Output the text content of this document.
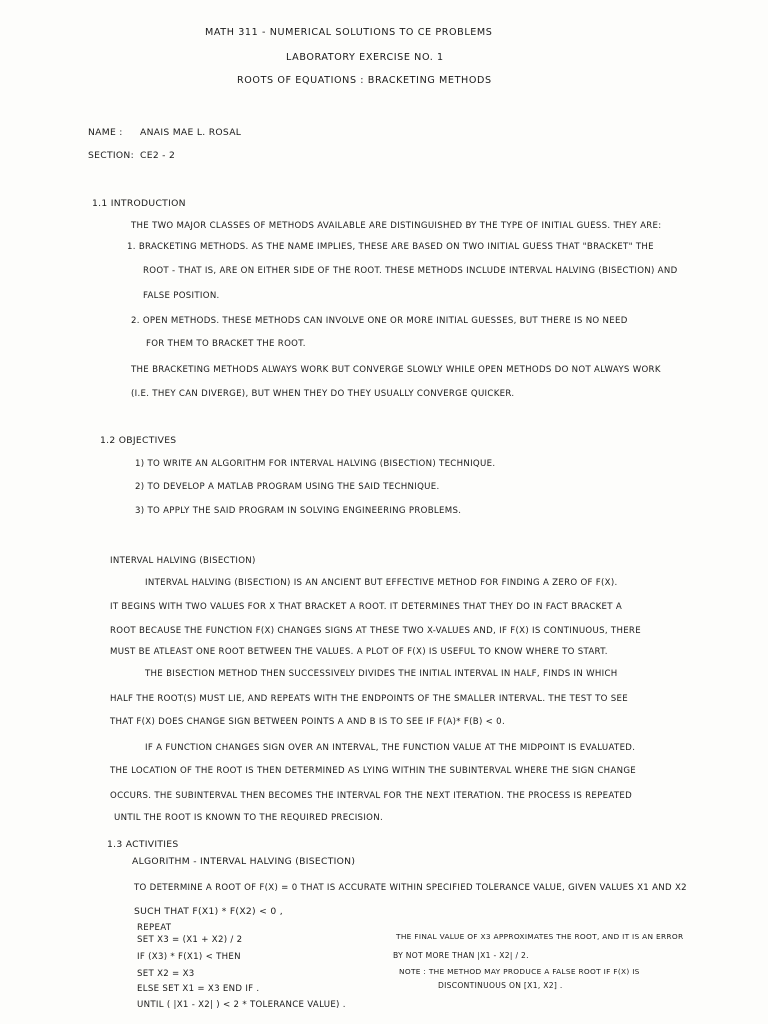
MATH 311 - NUMERICAL SOLUTIONS TO CE PROBLEMS
LABORATORY EXERCISE NO. 1
ROOTS OF EQUATIONS : BRACKETING METHODS
NAME : ANAIS MAE L. ROSAL
SECTION: CE2 - 2
1.1 INTRODUCTION
THE TWO MAJOR CLASSES OF METHODS AVAILABLE ARE DISTINGUISHED BY THE TYPE OF INITIAL GUESS. THEY ARE:
1. BRACKETING METHODS. AS THE NAME IMPLIES, THESE ARE BASED ON TWO INITIAL GUESS THAT "BRACKET" THE
ROOT - THAT IS, ARE ON EITHER SIDE OF THE ROOT. THESE METHODS INCLUDE INTERVAL HALVING (BISECTION) AND
FALSE POSITION.
2. OPEN METHODS. THESE METHODS CAN INVOLVE ONE OR MORE INITIAL GUESSES, BUT THERE IS NO NEED
FOR THEM TO BRACKET THE ROOT.
THE BRACKETING METHODS ALWAYS WORK BUT CONVERGE SLOWLY WHILE OPEN METHODS DO NOT ALWAYS WORK
(I.E. THEY CAN DIVERGE), BUT WHEN THEY DO THEY USUALLY CONVERGE QUICKER.
1.2 OBJECTIVES
1) TO WRITE AN ALGORITHM FOR INTERVAL HALVING (BISECTION) TECHNIQUE.
2) TO DEVELOP A MATLAB PROGRAM USING THE SAID TECHNIQUE.
3) TO APPLY THE SAID PROGRAM IN SOLVING ENGINEERING PROBLEMS.
INTERVAL HALVING (BISECTION)
INTERVAL HALVING (BISECTION) IS AN ANCIENT BUT EFFECTIVE METHOD FOR FINDING A ZERO OF F(X).
IT BEGINS WITH TWO VALUES FOR X THAT BRACKET A ROOT. IT DETERMINES THAT THEY DO IN FACT BRACKET A
ROOT BECAUSE THE FUNCTION F(X) CHANGES SIGNS AT THESE TWO X-VALUES AND, IF F(X) IS CONTINUOUS, THERE
MUST BE ATLEAST ONE ROOT BETWEEN THE VALUES. A PLOT OF F(X) IS USEFUL TO KNOW WHERE TO START.
THE BISECTION METHOD THEN SUCCESSIVELY DIVIDES THE INITIAL INTERVAL IN HALF, FINDS IN WHICH
HALF THE ROOT(S) MUST LIE, AND REPEATS WITH THE ENDPOINTS OF THE SMALLER INTERVAL. THE TEST TO SEE
THAT F(X) DOES CHANGE SIGN BETWEEN POINTS A AND B IS TO SEE IF F(A)* F(B) < 0.
IF A FUNCTION CHANGES SIGN OVER AN INTERVAL, THE FUNCTION VALUE AT THE MIDPOINT IS EVALUATED.
THE LOCATION OF THE ROOT IS THEN DETERMINED AS LYING WITHIN THE SUBINTERVAL WHERE THE SIGN CHANGE
OCCURS. THE SUBINTERVAL THEN BECOMES THE INTERVAL FOR THE NEXT ITERATION. THE PROCESS IS REPEATED
UNTIL THE ROOT IS KNOWN TO THE REQUIRED PRECISION.
1.3 ACTIVITIES
ALGORITHM - INTERVAL HALVING (BISECTION)
TO DETERMINE A ROOT OF F(X) = 0 THAT IS ACCURATE WITHIN SPECIFIED TOLERANCE VALUE, GIVEN VALUES X1 AND X2
SUCH THAT F(X1) * F(X2) < 0 ,
REPEAT
SET X3 = (X1 + X2) / 2
IF (X3) * F(X1) < THEN
SET X2 = X3
ELSE SET X1 = X3 END IF .
UNTIL ( |X1 - X2| ) < 2 * TOLERANCE VALUE) .
THE FINAL VALUE OF X3 APPROXIMATES THE ROOT, AND IT IS AN ERROR
BY NOT MORE THAN |X1 - X2| / 2.
NOTE : THE METHOD MAY PRODUCE A FALSE ROOT IF F(X) IS
DISCONTINUOUS ON [X1, X2] .
